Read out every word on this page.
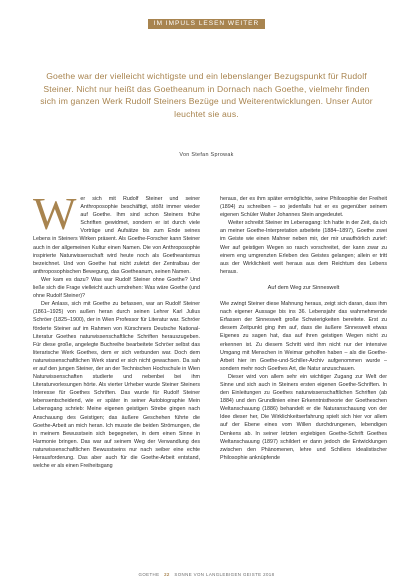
IM IMPULS LESEN WEITER
Goethe war der vielleicht wichtigste und ein lebenslanger Bezugspunkt für Rudolf Steiner. Nicht nur heißt das Goetheanum in Dornach nach Goethe, vielmehr finden sich im ganzen Werk Rudolf Steiners Bezüge und Weiterentwicklungen. Unser Autor leuchtet sie aus.
Von Stefan Sprowak
W er sich mit Rudolf Steiner und seiner Anthroposophie beschäftigt, stößt immer wieder auf Goethe. Ihm sind schon Steiners frühe Schriften gewidmet, sondern er ist durch viele Vorträge und Aufsätze bis zum Ende seines Lebens in Steiners Wirken präsent. Als Goethe-Forscher kann Steiner auch in der allgemeinen Kultur einen Namen. Die von Anthroposophie inspirierte Naturwissenschaft wird heute noch als Goetheanismus bezeichnet. Und von Goethe hat nicht zuletzt der Zentralbau der anthroposophischen Bewegung, das Goetheanum, seinen Namen.

Wer kam es dazu? Was war Rudolf Steiner ohne Goethe? Und ließe sich die Frage vielleicht auch umdrehen: Was wäre Goethe (und ohne Rudolf Steiner)?

Der Anlass, sich mit Goethe zu befassen, war an Rudolf Steiner (1861–1925) von außen heran durch seinen Lehrer Karl Julius Schröer (1825–1900), der in Wien Professor für Literatur war. Schröer förderte Steiner auf im Rahmen von Kürschners Deutsche National-Literatur Goethes naturwissenschaftliche Schriften herauszugeben. Für diese große, angelegte Buchreihe bearbeitete Schröer selbst das literarische Werk Goethes, dem er sich verbunden war. Doch dem naturwissenschaftlichen Werk stand er sich nicht gewachsen. Da sah er auf den jungen Steiner, der an der Technischen Hochschule in Wien Naturwissenschaften studierte und nebenbei bei ihm Literaturvorlesungen hörte. Als vierter Urheber wurde Steiner Steiners Interesse für Goethes Schriften. Das wurde für Rudolf Steiner lebensentscheidend, wie er später in seiner Autobiographie Mein Lebensgang schrieb: Meine eigenen geistigen Strebe gingen nach Anschauung des Geistigen; das äußere Geschehen führte die Goethe-Arbeit an mich heran. Ich musste die beiden Strömungen, die in meinem Bewusstsein sich begegneten, in dem einen Sinne in Harmonie bringen. Das war auf seinem Weg der Verwandlung des naturwissenschaftlichen Bewusstseins nur nach seiber eine echte Herausforderung. Das aber auch für die Goethe-Arbeit entstand, welche er als einen Freiheitsgang

heraus, der es ihm später ermöglichte, seine Philosophie der Freiheit (1894) zu schreiben – so jedenfalls hat er es gegenüber seinem eigenen Schüler Walter Johannes Stein angedeutet.

Weiter schreibt Steiner im Lebensgang: Ich hatte in der Zeit, da ich an meiner Goethe-Interpretation arbeitete (1884–1897), Goethe zwei im Geiste wie einen Mahner neben mir, der mir unaufhörlich zurief: Wer auf geistigen Wegen so rasch vorschreitet, der kann zwar zu einem eng umgrenzten Erleben des Geistes gelangen; allein er tritt aus der Wirklichkeit weit heraus aus dem Reichtum des Lebens heraus.

Auf dem Weg zur Sinneswelt

Wie zwingt Steiner diese Mahnung heraus, zeigt sich daran, dass ihm nach eigener Aussage bis ins 36. Lebensjahr das wahrnehmende Erfassen der Sinneswelt große Schwierigkeiten bereitete. Erst zu diesem Zeitpunkt ging ihm auf, dass die äußere Sinneswelt etwas Eigenes zu sagen hat, das auf ihren geistigen Wegen nicht zu erkennen ist. Zu diesem Schritt wird ihm nicht nur der intensive Umgang mit Menschen in Weimar geholfen haben – als die Goethe-Arbeit hier im Goethe-und-Schiller-Archiv aufgenommen wurde – sondern mehr noch Goethes Art, die Natur anzuschauen.

Dieser wird von allem sehr ein wichtiger Zugang zur Welt der Sinne und sich auch in Steiners ersten eigenen Goethe-Schriften. In den Einleitungen zu Goethes naturwissenschaftlichen Schriften (ab 1884) und den Grundlinien einer Erkenntnistheorie der Goetheschen Weltanschauung (1886) behandelt er die Naturanschauung von der Idee dieser her, Die Wirklichkeitserfahrung spielt sich hier vor allem auf der Ebene eines vom Willen durchdrungenen, lebendigen Denkens ab. In seiner letzten ergiebigen Goethe-Schrift Goethes Weltanschauung (1897) schildert er dann jedoch die Entwicklungen zwischen den Phänomenen, lehre und Schillers idealistischer Philosophie anknüpfende

GOETHE 22 SONNE VON LANGLEBIGEN GEISTE 2018
